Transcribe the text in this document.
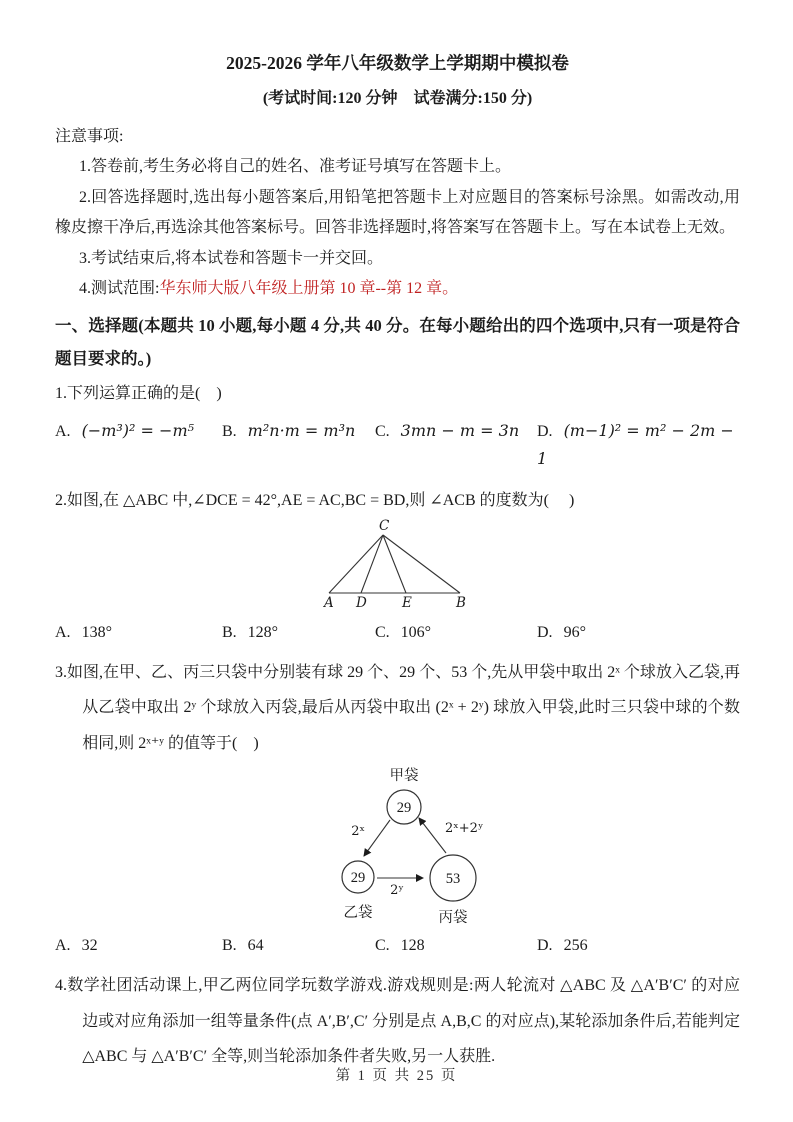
2025-2026 学年八年级数学上学期期中模拟卷
(考试时间:120 分钟　试卷满分:150 分)

注意事项:

1.答卷前,考生务必将自己的姓名、准考证号填写在答题卡上。

2.回答选择题时,选出每小题答案后,用铅笔把答题卡上对应题目的答案标号涂黑。如需改动,用橡皮擦干净后,再选涂其他答案标号。回答非选择题时,将答案写在答题卡上。写在本试卷上无效。

3.考试结束后,将本试卷和答题卡一并交回。

4.测试范围:华东师大版八年级上册第 10 章--第 12 章。

一、选择题(本题共 10 小题,每小题 4 分,共 40 分。在每小题给出的四个选项中,只有一项是符合题目要求的。)

1.下列运算正确的是(　)

A. (−m³)² = −m⁵	B. m²n·m = m³n	C. 3mn − m = 3n	D. (m−1)² = m² − 2m − 1

2.如图,在 △ABC 中,∠DCE = 42°,AE = AC,BC = BD,则 ∠ACB 的度数为(　 )

C
A D	E	B
A. 138°	B. 128°	C. 106°	D. 96°

3.如图,在甲、乙、丙三只袋中分别装有球 29 个、29 个、53 个,先从甲袋中取出 2ˣ 个球放入乙袋,再从乙袋中取出 2ʸ 个球放入丙袋,最后从丙袋中取出 (2ˣ + 2ʸ) 球放入甲袋,此时三只袋中球的个数相同,则 2ˣ⁺ʸ 的值等于(　)

甲袋
29
2ˣ
29
乙袋
2ʸ
53
丙袋
2ˣ+2ʸ
A. 32	B. 64	C. 128	D. 256

4.数学社团活动课上,甲乙两位同学玩数学游戏.游戏规则是:两人轮流对 △ABC 及 △A′B′C′ 的对应边或对应角添加一组等量条件(点 A′,B′,C′ 分别是点 A,B,C 的对应点),某轮添加条件后,若能判定 △ABC 与 △A′B′C′ 全等,则当轮添加条件者失败,另一人获胜.

第 1 页 共 25 页
